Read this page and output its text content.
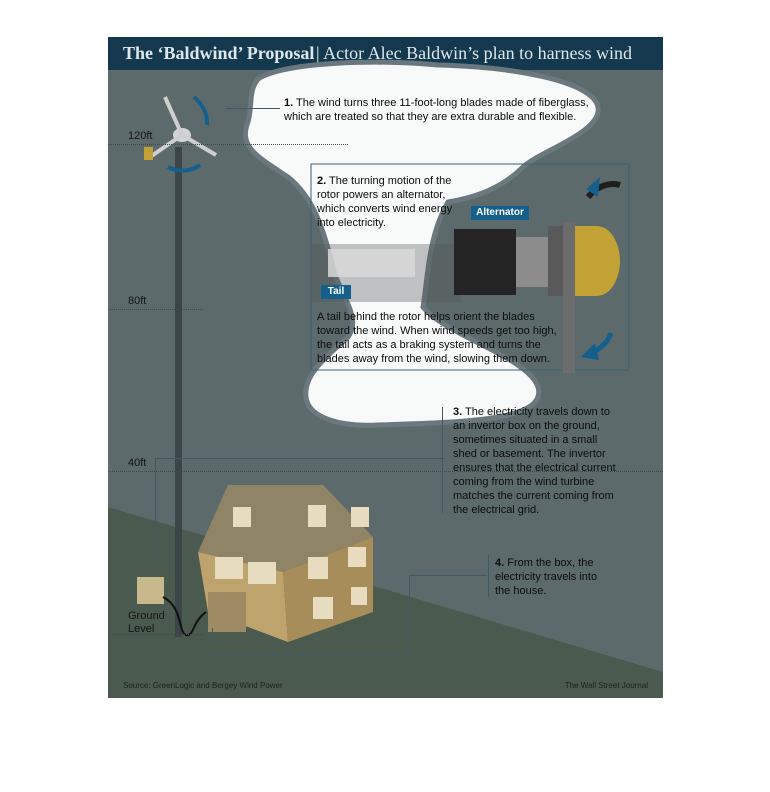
The ‘Baldwind’ Proposal | Actor Alec Baldwin’s plan to harness wind
120ft
80ft
40ft
Ground
Level
1. The wind turns three 11-foot-long blades made of fiberglass, which are treated so that they are extra durable and flexible.
2. The turning motion of the rotor powers an alternator, which converts wind energy into electricity.
A tail behind the rotor helps orient the blades toward the wind. When wind speeds get too high, the tail acts as a braking system and turns the blades away from the wind, slowing them down.
3. The electricity travels down to an invertor box on the ground, sometimes situated in a small shed or basement. The invertor ensures that the electrical current coming from the wind turbine matches the current coming from the electrical grid.
4. From the box, the electricity travels into the house.
Alternator
Tail
Source: GreenLogic and Bergey Wind Power	The Wall Street Journal
